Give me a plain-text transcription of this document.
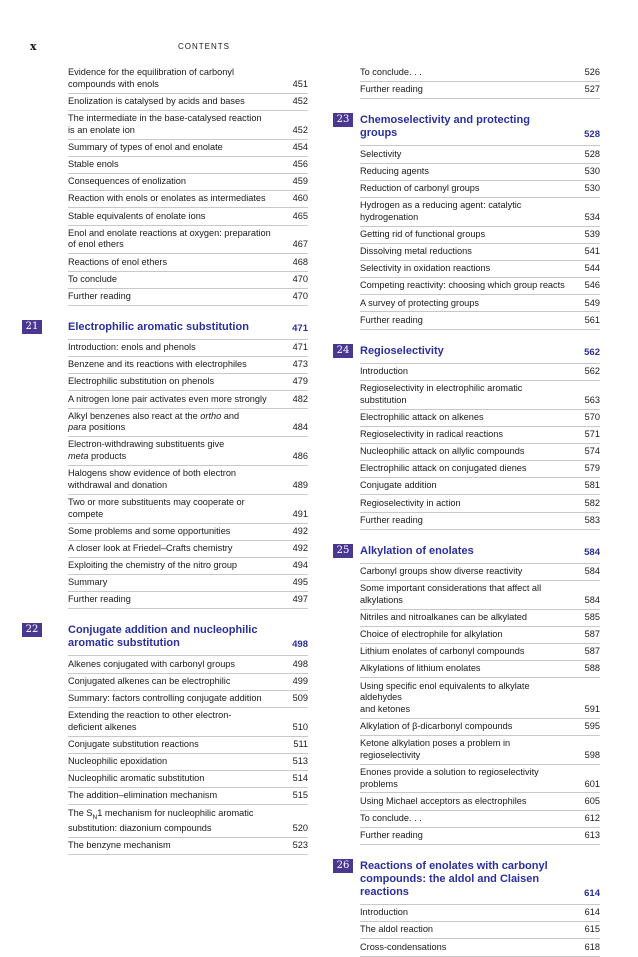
x	CONTENTS
Evidence for the equilibration of carbonyl
compounds with enols	451
Enolization is catalysed by acids and bases	452
The intermediate in the base-catalysed reaction
is an enolate ion	452
Summary of types of enol and enolate	454
Stable enols	456
Consequences of enolization	459
Reaction with enols or enolates as intermediates	460
Stable equivalents of enolate ions	465
Enol and enolate reactions at oxygen: preparation
of enol ethers	467
Reactions of enol ethers	468
To conclude	470
Further reading	470
21	Electrophilic aromatic substitution	471
Introduction: enols and phenols	471
Benzene and its reactions with electrophiles	473
Electrophilic substitution on phenols	479
A nitrogen lone pair activates even more strongly	482
Alkyl benzenes also react at the ortho and
para positions	484
Electron-withdrawing substituents give
meta products	486
Halogens show evidence of both electron
withdrawal and donation	489
Two or more substituents may cooperate or compete	491
Some problems and some opportunities	492
A closer look at Friedel–Crafts chemistry	492
Exploiting the chemistry of the nitro group	494
Summary	495
Further reading	497
22	Conjugate addition and nucleophilic
aromatic substitution	498
Alkenes conjugated with carbonyl groups	498
Conjugated alkenes can be electrophilic	499
Summary: factors controlling conjugate addition	509
Extending the reaction to other electron-
deficient alkenes	510
Conjugate substitution reactions	511
Nucleophilic epoxidation	513
Nucleophilic aromatic substitution	514
The addition–elimination mechanism	515
The $S_N1$ mechanism for nucleophilic aromatic
substitution: diazonium compounds	520
The benzyne mechanism	523
To conclude. . .	526
Further reading	527
23 Chemoselectivity and protecting groups	528
Selectivity	528
Reducing agents	530
Reduction of carbonyl groups	530
Hydrogen as a reducing agent: catalytic hydrogenation	534
Getting rid of functional groups	539
Dissolving metal reductions	541
Selectivity in oxidation reactions	544
Competing reactivity: choosing which group reacts	546
A survey of protecting groups	549
Further reading	561
24 Regioselectivity	562
Introduction	562
Regioselectivity in electrophilic aromatic substitution	563
Electrophilic attack on alkenes	570
Regioselectivity in radical reactions	571
Nucleophilic attack on allylic compounds	574
Electrophilic attack on conjugated dienes	579
Conjugate addition	581
Regioselectivity in action	582
Further reading	583
25 Alkylation of enolates	584
Carbonyl groups show diverse reactivity	584
Some important considerations that affect all alkylations	584
Nitriles and nitroalkanes can be alkylated	585
Choice of electrophile for alkylation	587
Lithium enolates of carbonyl compounds	587
Alkylations of lithium enolates	588
Using specific enol equivalents to alkylate aldehydes
and ketones	591
Alkylation of β-dicarbonyl compounds	595
Ketone alkylation poses a problem in regioselectivity	598
Enones provide a solution to regioselectivity problems	601
Using Michael acceptors as electrophiles	605
To conclude. . .	612
Further reading	613
26 Reactions of enolates with carbonyl
compounds: the aldol and Claisen reactions	614
Introduction	614
The aldol reaction	615
Cross-condensations	618
